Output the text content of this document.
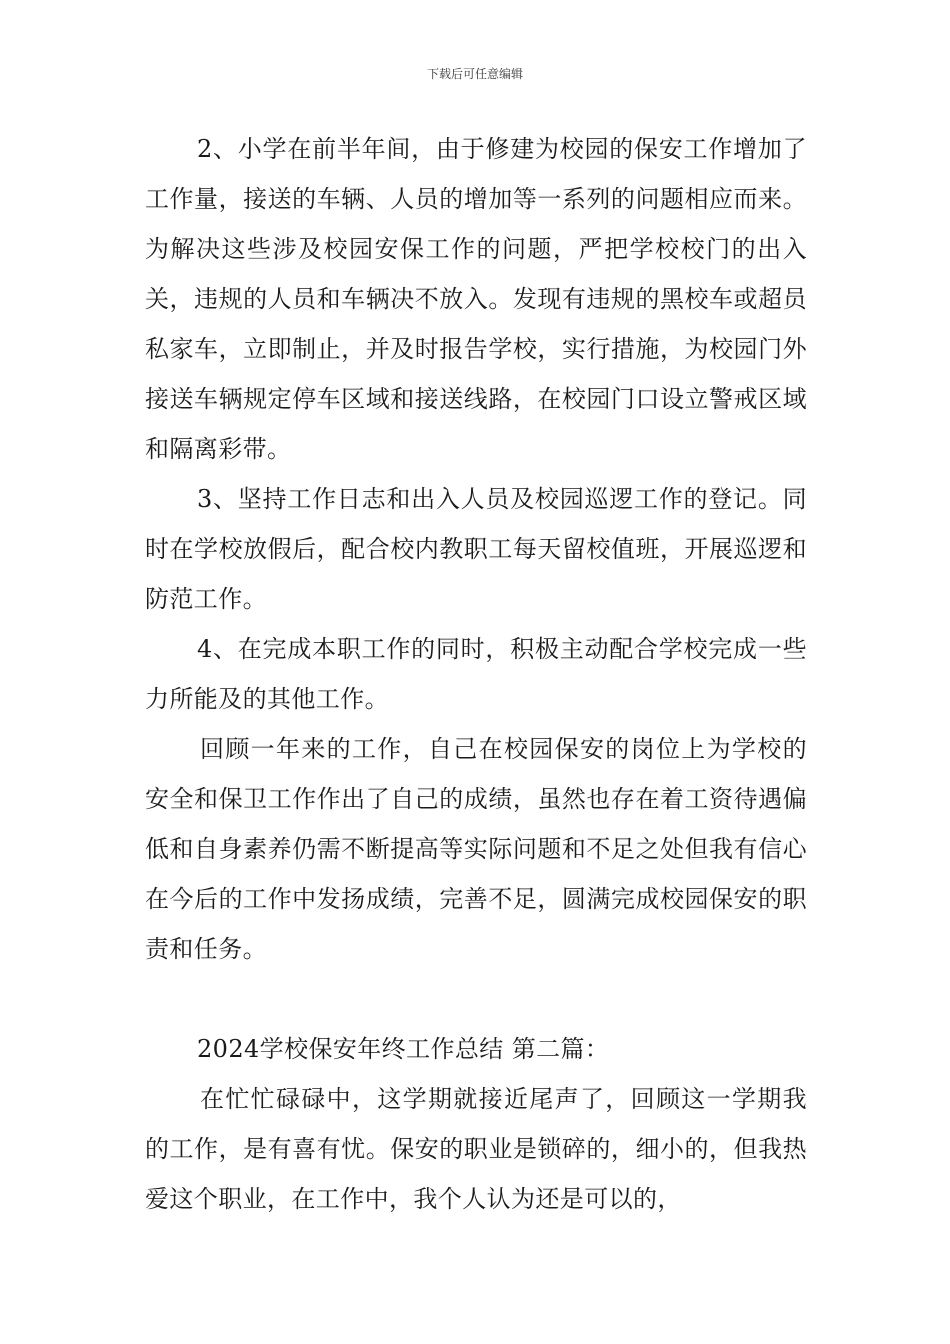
下载后可任意编辑

2、小学在前半年间，由于修建为校园的保安工作增加了工作量，接送的车辆、人员的增加等一系列的问题相应而来。为解决这些涉及校园安保工作的问题，严把学校校门的出入关，违规的人员和车辆决不放入。发现有违规的黑校车或超员私家车，立即制止，并及时报告学校，实行措施，为校园门外接送车辆规定停车区域和接送线路，在校园门口设立警戒区域和隔离彩带。

3、坚持工作日志和出入人员及校园巡逻工作的登记。同时在学校放假后，配合校内教职工每天留校值班，开展巡逻和防范工作。

4、在完成本职工作的同时，积极主动配合学校完成一些力所能及的其他工作。

回顾一年来的工作，自己在校园保安的岗位上为学校的安全和保卫工作作出了自己的成绩，虽然也存在着工资待遇偏低和自身素养仍需不断提高等实际问题和不足之处但我有信心在今后的工作中发扬成绩，完善不足，圆满完成校园保安的职责和任务。

2024学校保安年终工作总结 第二篇：

在忙忙碌碌中，这学期就接近尾声了，回顾这一学期我的工作，是有喜有忧。保安的职业是锁碎的，细小的，但我热爱这个职业，在工作中，我个人认为还是可以的，
